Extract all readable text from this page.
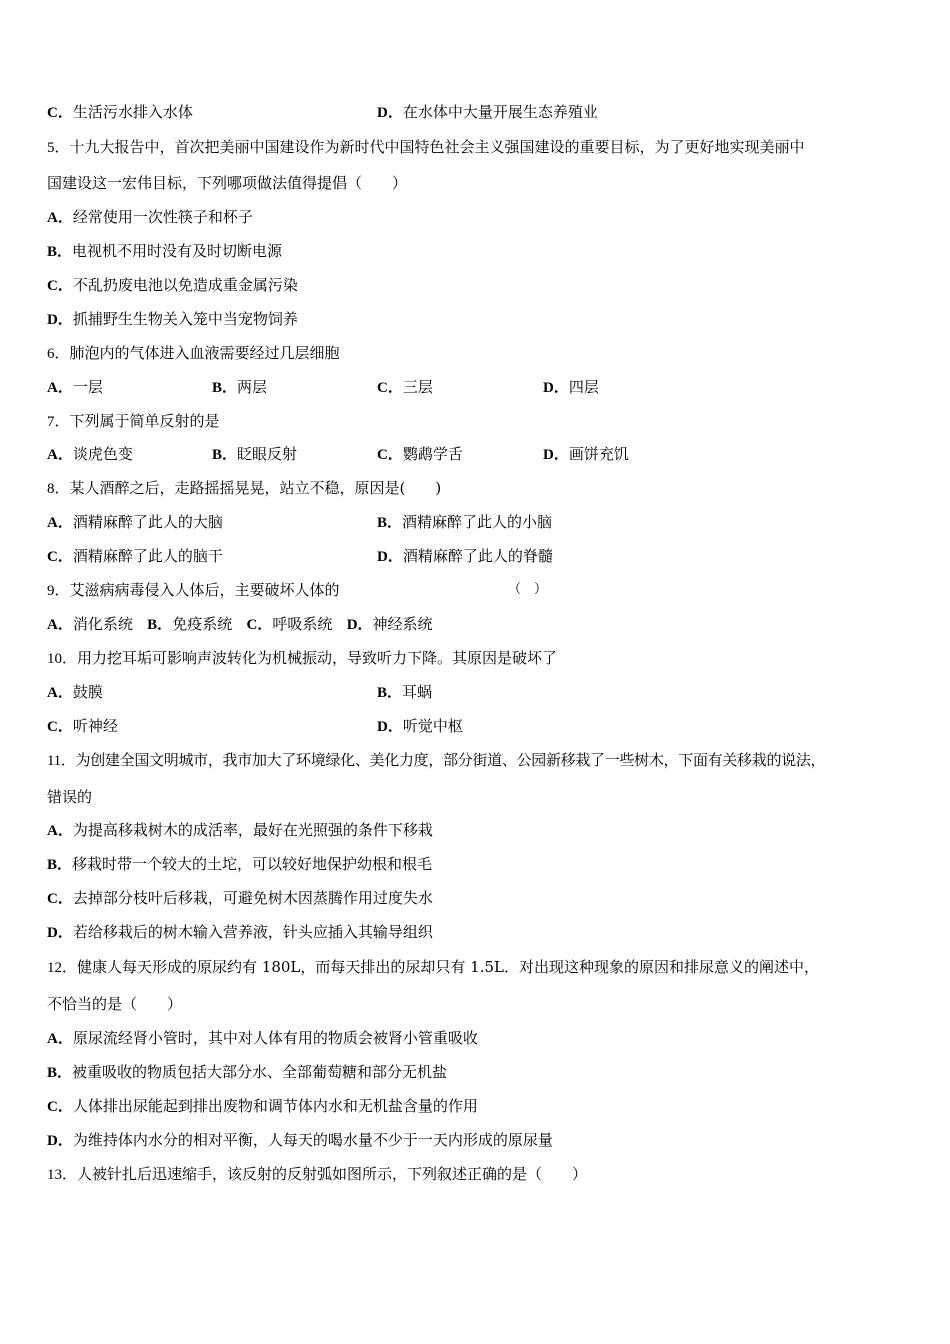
C．生活污水排入水体	D．在水体中大量开展生态养殖业
5．十九大报告中，首次把美丽中国建设作为新时代中国特色社会主义强国建设的重要目标，为了更好地实现美丽中
国建设这一宏伟目标，下列哪项做法值得提倡（　　）
A．经常使用一次性筷子和杯子
B．电视机不用时没有及时切断电源
C．不乱扔废电池以免造成重金属污染
D．抓捕野生生物关入笼中当宠物饲养
6．肺泡内的气体进入血液需要经过几层细胞
A．一层	B．两层	C．三层	D．四层
7．下列属于简单反射的是
A．谈虎色变	B．眨眼反射	C．鹦鹉学舌	D．画饼充饥
8．某人酒醉之后，走路摇摇晃晃，站立不稳，原因是(　　)
A．酒精麻醉了此人的大脑	B．酒精麻醉了此人的小脑
C．酒精麻醉了此人的脑干	D．酒精麻醉了此人的脊髓
9．艾滋病病毒侵入人体后，主要破坏人体的	（　）
A．消化系统 B．免疫系统 C．呼吸系统 D．神经系统
10．用力挖耳垢可影响声波转化为机械振动，导致听力下降。其原因是破坏了
A．鼓膜	B．耳蜗
C．听神经	D．听觉中枢
11．为创建全国文明城市，我市加大了环境绿化、美化力度，部分街道、公园新移栽了一些树木，下面有关移栽的说法，
错误的
A．为提高移栽树木的成活率，最好在光照强的条件下移栽
B．移栽时带一个较大的土坨，可以较好地保护幼根和根毛
C．去掉部分枝叶后移栽，可避免树木因蒸腾作用过度失水
D．若给移栽后的树木输入营养液，针头应插入其输导组织
12．健康人每天形成的原尿约有 180L，而每天排出的尿却只有 1.5L．对出现这种现象的原因和排尿意义的阐述中，
不恰当的是（　　）
A．原尿流经肾小管时，其中对人体有用的物质会被肾小管重吸收
B．被重吸收的物质包括大部分水、全部葡萄糖和部分无机盐
C．人体排出尿能起到排出废物和调节体内水和无机盐含量的作用
D．为维持体内水分的相对平衡，人每天的喝水量不少于一天内形成的原尿量
13．人被针扎后迅速缩手，该反射的反射弧如图所示，下列叙述正确的是（　　）
